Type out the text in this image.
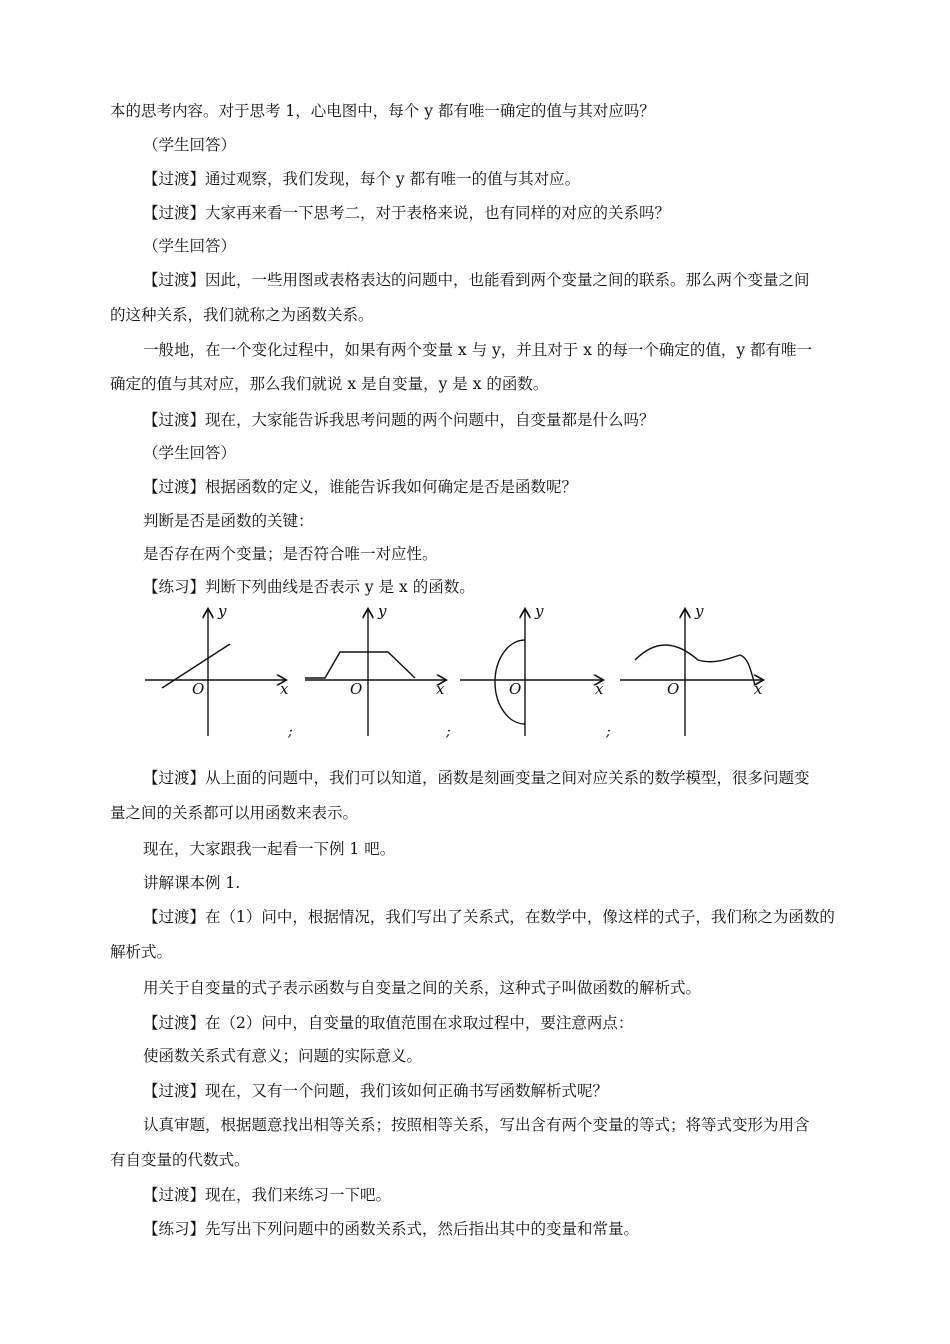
本的思考内容。对于思考 1，心电图中，每个 y 都有唯一确定的值与其对应吗？
（学生回答）
【过渡】通过观察，我们发现，每个 y 都有唯一的值与其对应。
【过渡】大家再来看一下思考二，对于表格来说，也有同样的对应的关系吗？
（学生回答）
【过渡】因此，一些用图或表格表达的问题中，也能看到两个变量之间的联系。那么两个变量之间
的这种关系，我们就称之为函数关系。
一般地，在一个变化过程中，如果有两个变量 x 与 y，并且对于 x 的每一个确定的值，y 都有唯一
确定的值与其对应，那么我们就说 x 是自变量，y 是 x 的函数。
【过渡】现在，大家能告诉我思考问题的两个问题中，自变量都是什么吗？
（学生回答）
【过渡】根据函数的定义，谁能告诉我如何确定是否是函数呢？
判断是否是函数的关键：
是否存在两个变量；是否符合唯一对应性。
【练习】判断下列曲线是否表示 y 是 x 的函数。
y
x
O
;
y
x
O
;
y
x
O
;
y
x
O
【过渡】从上面的问题中，我们可以知道，函数是刻画变量之间对应关系的数学模型，很多问题变
量之间的关系都可以用函数来表示。
现在，大家跟我一起看一下例 1 吧。
讲解课本例 1.
【过渡】在（1）问中，根据情况，我们写出了关系式，在数学中，像这样的式子，我们称之为函数的
解析式。
用关于自变量的式子表示函数与自变量之间的关系，这种式子叫做函数的解析式。
【过渡】在（2）问中，自变量的取值范围在求取过程中，要注意两点：
使函数关系式有意义；问题的实际意义。
【过渡】现在，又有一个问题，我们该如何正确书写函数解析式呢？
认真审题，根据题意找出相等关系；按照相等关系，写出含有两个变量的等式；将等式变形为用含
有自变量的代数式。
【过渡】现在，我们来练习一下吧。
【练习】先写出下列问题中的函数关系式，然后指出其中的变量和常量。
